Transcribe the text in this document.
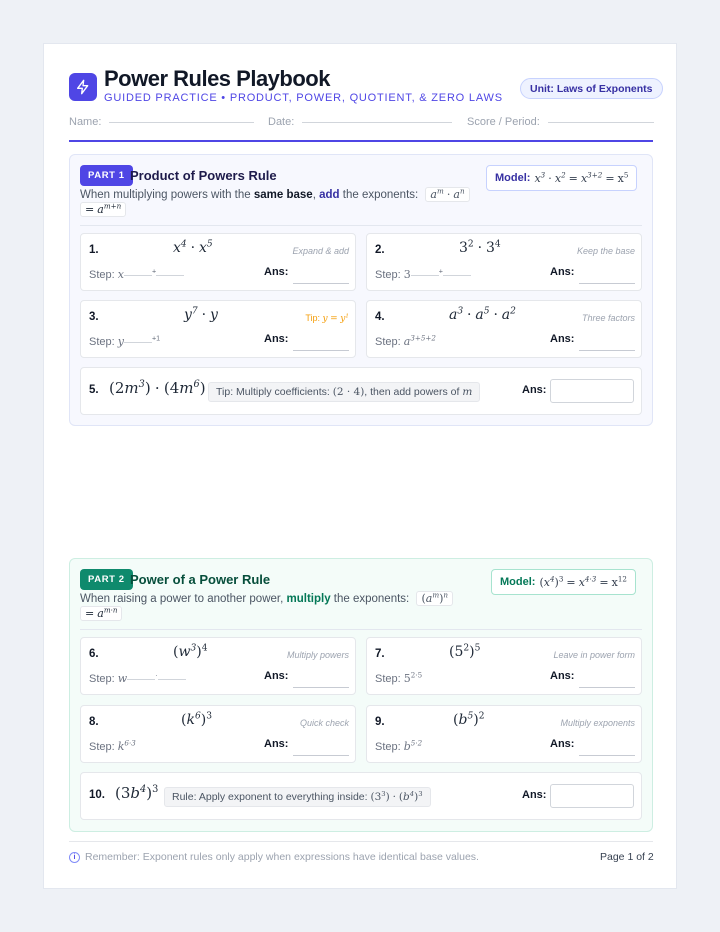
Power Rules Playbook
GUIDED PRACTICE • PRODUCT, POWER, QUOTIENT, & ZERO LAWS
Unit: Laws of Exponents
Name:	Date:	Score / Period:
PART 1 Product of Powers Rule
When multiplying powers with the same base, add the exponents: $a^m \cdot a^n$
= $a^{m+n}$
Model: $x^3$
·
$x^2$
=
$x^{3+2}$
=
$x^5$
1.	$x^4 \cdot x^5$
Expand & add
Step: x	+	Ans:
2.	$3^2 \cdot 3^4$
Keep the base
Step: 3	+	Ans:
3.	$y^7 \cdot y$	Tip: $y = y^1$
Step: y	$^{+1}$	Ans:
4.	$a^3 \cdot a^5 \cdot a^2$
Three factors
Step: $a^{3+5+2}$	Ans:
5. $(2m^3) \cdot (4m^6)$ Tip: Multiply coefficients:
(2 · 4) , then add powers of
m	Ans:
PART 2 Power of a Power Rule
When raising a power to another power, multiply the exponents: $(a^m)^n$
= $a^{m\cdot n}$
Model: ( $x^4$ )$^3$
=
$x^{4\cdot 3}$
=
$x^{12}$
6.	$(w^3)^4$
Multiply powers
Step: w	·	Ans:
7.	$(5^2)^5$
Leave in power form
Step: $5^{2\cdot 5}$	Ans:
8.	$(k^6)^3$
Quick check
Step: $k^{6\cdot 3}$	Ans:
9.	$(b^5)^2$
Multiply exponents
Step: $b^{5\cdot 2}$	Ans:
10. $(3b^4)^3$
Rule: Apply exponent to everything inside:
$(3^3)$
·
( $b^4$ )$^3$	Ans:
i Remember: Exponent rules only apply when expressions have identical base values.	Page 1 of 2
